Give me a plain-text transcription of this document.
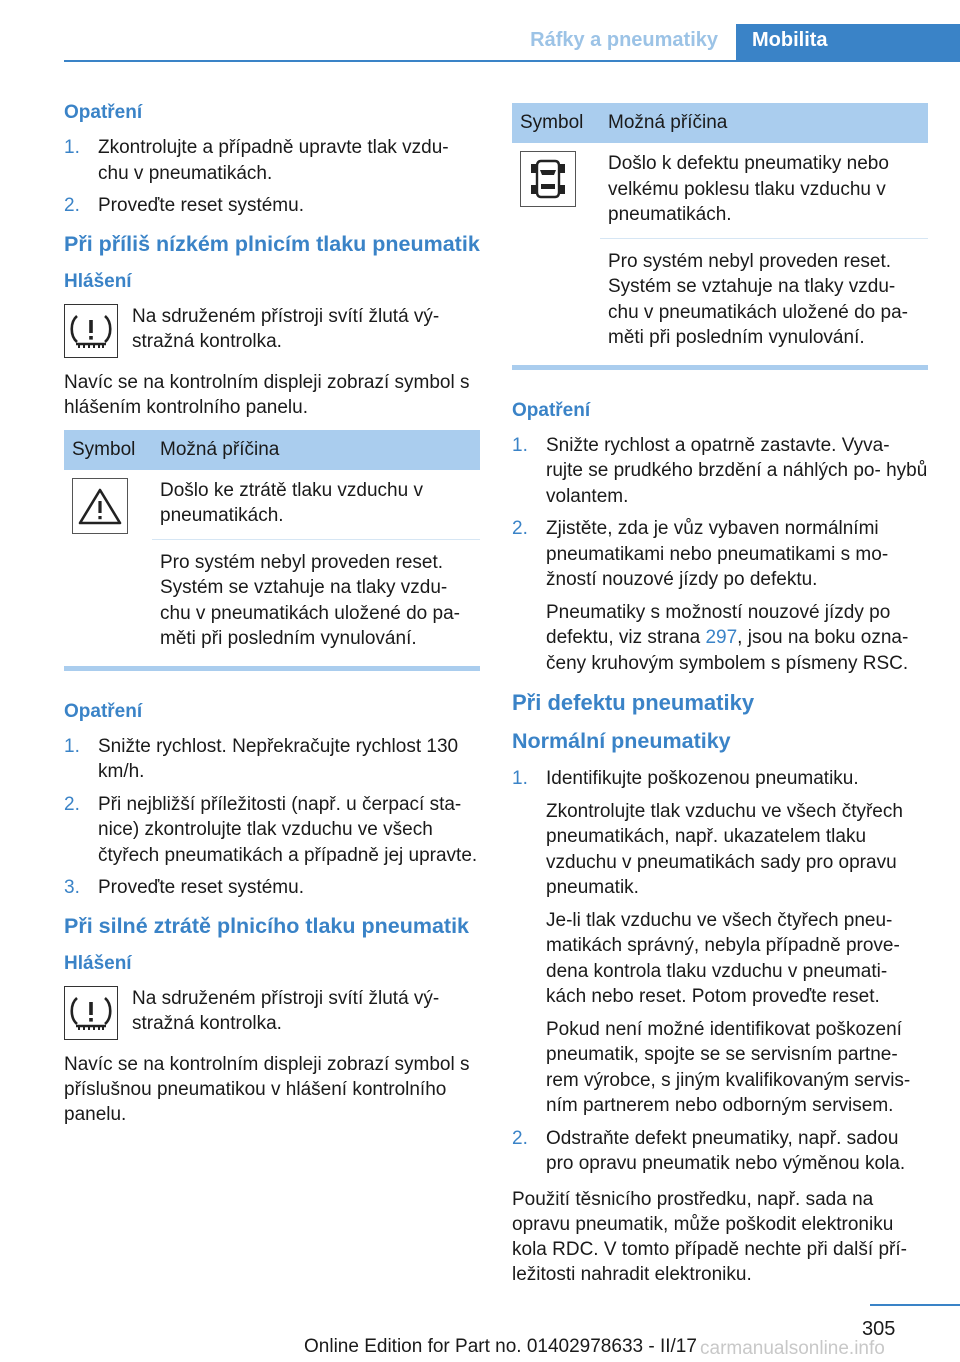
Ráfky a pneumatiky	Mobilita
Opatření
1. Zkontrolujte a případně upravte tlak vzdu‐ chu v pneumatikách.
2. Proveďte reset systému.
Při příliš nízkém plnicím tlaku pneumatik
Hlášení
Na sdruženém přístroji svítí žlutá vý‐ stražná kontrolka.

Navíc se na kontrolním displeji zobrazí symbol s hlášením kontrolního panelu.

Symbol	Možná příčina

	Došlo ke ztrátě tlaku vzduchu v pneumatikách.
	Pro systém nebyl proveden reset. Systém se vztahuje na tlaky vzdu‐ chu v pneumatikách uložené do pa‐ měti při posledním vynulování.
Opatření
1. Snižte rychlost. Nepřekračujte rychlost 130 km/h.
2. Při nejbližší příležitosti (např. u čerpací sta‐ nice) zkontrolujte tlak vzduchu ve všech čtyřech pneumatikách a případně jej upravte.
3. Proveďte reset systému.
Při silné ztrátě plnicího tlaku pneumatik
Hlášení
Na sdruženém přístroji svítí žlutá vý‐ stražná kontrolka.

Navíc se na kontrolním displeji zobrazí symbol s příslušnou pneumatikou v hlášení kontrolního panelu.

Symbol	Možná příčina

	Došlo k defektu pneumatiky nebo velkému poklesu tlaku vzduchu v pneumatikách.
	Pro systém nebyl proveden reset. Systém se vztahuje na tlaky vzdu‐ chu v pneumatikách uložené do pa‐ měti při posledním vynulování.
Opatření
1. Snižte rychlost a opatrně zastavte. Vyva‐ rujte se prudkého brzdění a náhlých po‐ hybů volantem.
2. Zjistěte, zda je vůz vybaven normálními pneumatikami nebo pneumatikami s mo‐ žností nouzové jízdy po defektu.
Pneumatiky s možností nouzové jízdy po defektu, viz strana 297, jsou na boku ozna‐ čeny kruhovým symbolem s písmeny RSC.
Při defektu pneumatiky
Normální pneumatiky
1. Identifikujte poškozenou pneumatiku.
Zkontrolujte tlak vzduchu ve všech čtyřech pneumatikách, např. ukazatelem tlaku vzduchu v pneumatikách sady pro opravu pneumatik.
Je-li tlak vzduchu ve všech čtyřech pneu‐ matikách správný, nebyla případně prove‐ dena kontrola tlaku vzduchu v pneumati‐ kách nebo reset. Potom proveďte reset.
Pokud není možné identifikovat poškození pneumatik, spojte se se servisním partne‐ rem výrobce, s jiným kvalifikovaným servis‐ ním partnerem nebo odborným servisem.
2. Odstraňte defekt pneumatiky, např. sadou pro opravu pneumatik nebo výměnou kola.

Použití těsnicího prostředku, např. sada na opravu pneumatik, může poškodit elektroniku kola RDC. V tomto případě nechte při další pří‐ ležitosti nahradit elektroniku.

305
Online Edition for Part no. 01402978633 - II/17 carmanualsonline.info
